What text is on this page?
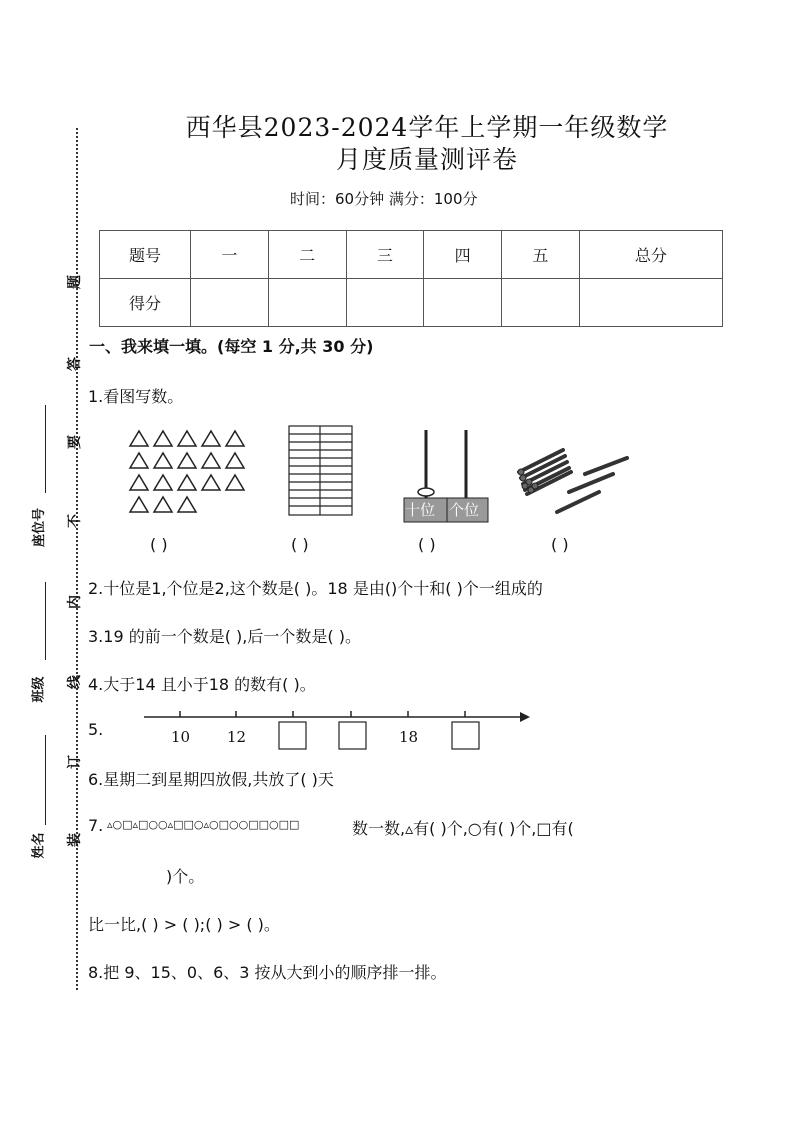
题
答
要
不
内
线
订
装
座位号
班级
姓名
西华县2023-2024学年上学期一年级数学
月度质量测评卷
时间：60分钟 满分：100分
题号	一	二	三	四	五	总分
得分						
一、我来填一填。(每空 1 分,共 30 分)
1.看图写数。
十位 个位
( )	( )	( )	( )
2.十位是1,个位是2,这个数是( )。18 是由()个十和( )个一组成的
3.19 的前一个数是( ),后一个数是( )。
4.大于14 且小于18 的数有( )。
5.	10 12	18
6.星期二到星期四放假,共放了( )天
7. ▵○□▵□○○▵□□○▵○□○○□□○□□	数一数,▵有( )个,○有( )个,□有(
)个。
比一比,( ) > ( );( ) > ( )。
8.把 9、15、0、6、3 按从大到小的顺序排一排。
